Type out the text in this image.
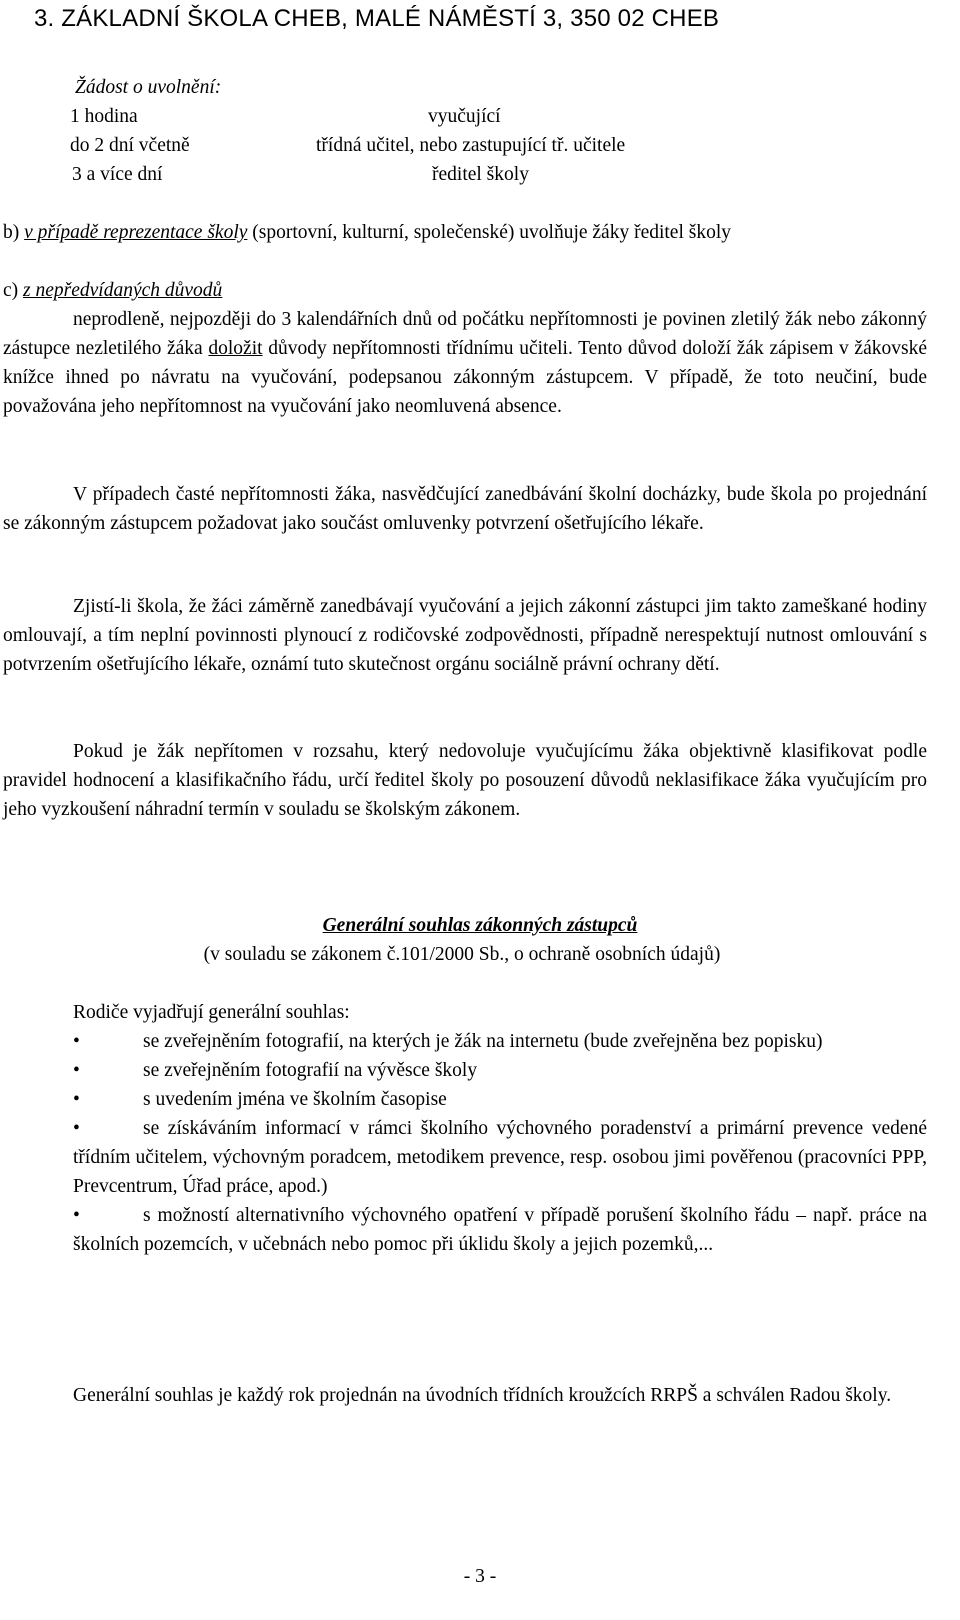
3. ZÁKLADNÍ ŠKOLA CHEB, MALÉ NÁMĚSTÍ 3, 350 02 CHEB
Žádost o uvolnění:
1 hodina	vyučující
do 2 dní včetně	třídná učitel, nebo zastupující tř. učitele
3 a více dní	ředitel školy
b) v případě reprezentace školy (sportovní, kulturní, společenské) uvolňuje žáky ředitel školy
c) z nepředvídaných důvodů
neprodleně, nejpozději do 3 kalendářních dnů od počátku nepřítomnosti je povinen zletilý žák nebo zákonný zástupce nezletilého žáka doložit důvody nepřítomnosti třídnímu učiteli. Tento důvod doloží žák zápisem v žákovské knížce ihned po návratu na vyučování, podepsanou zákonným zástupcem. V případě, že toto neučiní, bude považována jeho nepřítomnost na vyučování jako neomluvená absence.
V případech časté nepřítomnosti žáka, nasvědčující zanedbávání školní docházky, bude škola po projednání se zákonným zástupcem požadovat jako součást omluvenky potvrzení ošetřujícího lékaře.
Zjistí-li škola, že žáci záměrně zanedbávají vyučování a jejich zákonní zástupci jim takto zameškané hodiny omlouvají, a tím neplní povinnosti plynoucí z rodičovské zodpovědnosti, případně nerespektují nutnost omlouvání s potvrzením ošetřujícího lékaře, oznámí tuto skutečnost orgánu sociálně právní ochrany dětí.
Pokud je žák nepřítomen v rozsahu, který nedovoluje vyučujícímu žáka objektivně klasifikovat podle pravidel hodnocení a klasifikačního řádu, určí ředitel školy po posouzení důvodů neklasifikace žáka vyučujícím pro jeho vyzkoušení náhradní termín v souladu se školským zákonem.
Generální souhlas zákonných zástupců
(v souladu se zákonem č.101/2000 Sb., o ochraně osobních údajů)
Rodiče vyjadřují generální souhlas:
•	se zveřejněním fotografií, na kterých je žák na internetu (bude zveřejněna bez popisku)
•	se zveřejněním fotografií na vývěsce školy
•	s uvedením jména ve školním časopise
•	se získáváním informací v rámci školního výchovného poradenství a primární prevence vedené třídním učitelem, výchovným poradcem, metodikem prevence, resp. osobou jimi pověřenou (pracovníci PPP, Prevcentrum, Úřad práce, apod.)
•	s možností alternativního výchovného opatření v případě porušení školního řádu – např. práce na školních pozemcích, v učebnách nebo pomoc při úklidu školy a jejich pozemků,...
Generální souhlas je každý rok projednán na úvodních třídních kroužcích RRPŠ a schválen Radou školy.
- 3 -
